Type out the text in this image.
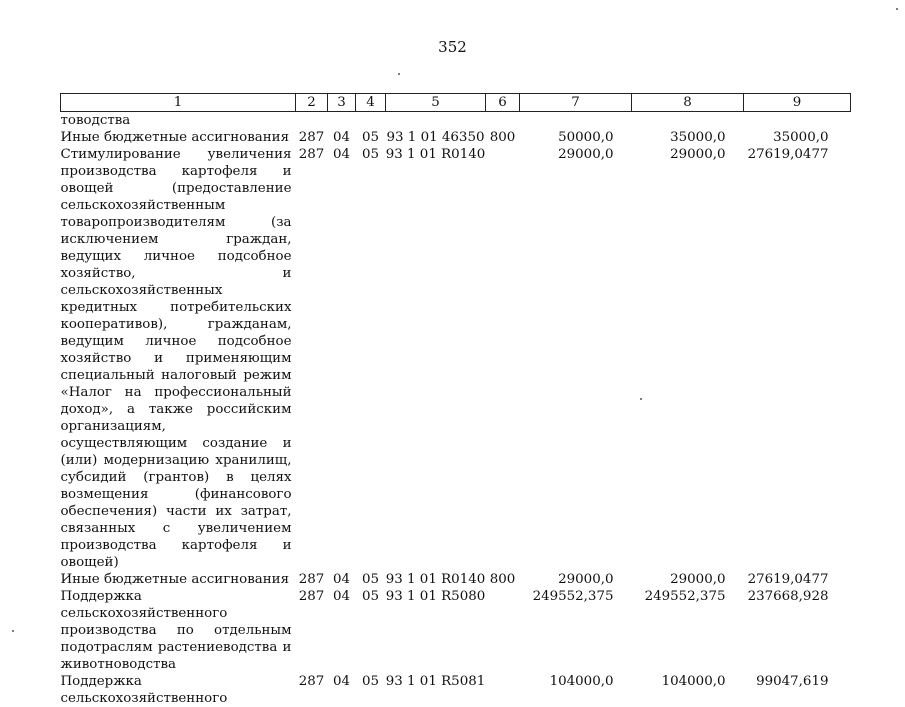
352
1	2	3	4	5	6	7	8	9
товодства								
Иные бюджетные ассигнования	287	04	05	93 1 01 46350	800	50000,0	35000,0	35000,0
Стимулирование увеличения производства картофеля и овощей (предоставление сельскохозяйственным товаропроизводителям (за исключением граждан, ведущих личное подсобное хозяйство, и сельскохозяйственных кредитных потребительских кооперативов), гражданам, ведущим личное подсобное хозяйство и применяющим специальный налоговый режим «Налог на профессиональный доход», а также российским организациям, осуществляющим создание и (или) модернизацию хранилищ, субсидий (грантов) в целях возмещения (финансового обеспечения) части их затрат, связанных с увеличением производства картофеля и овощей)	287	04	05	93 1 01 R0140		29000,0	29000,0	27619,0477
Иные бюджетные ассигнования	287	04	05	93 1 01 R0140	800	29000,0	29000,0	27619,0477
Поддержка сельскохозяйственного производства по отдельным подотраслям растениеводства и животноводства	287	04	05	93 1 01 R5080		249552,375	249552,375	237668,928
Поддержка сельскохозяйственного	287	04	05	93 1 01 R5081		104000,0	104000,0	99047,619
